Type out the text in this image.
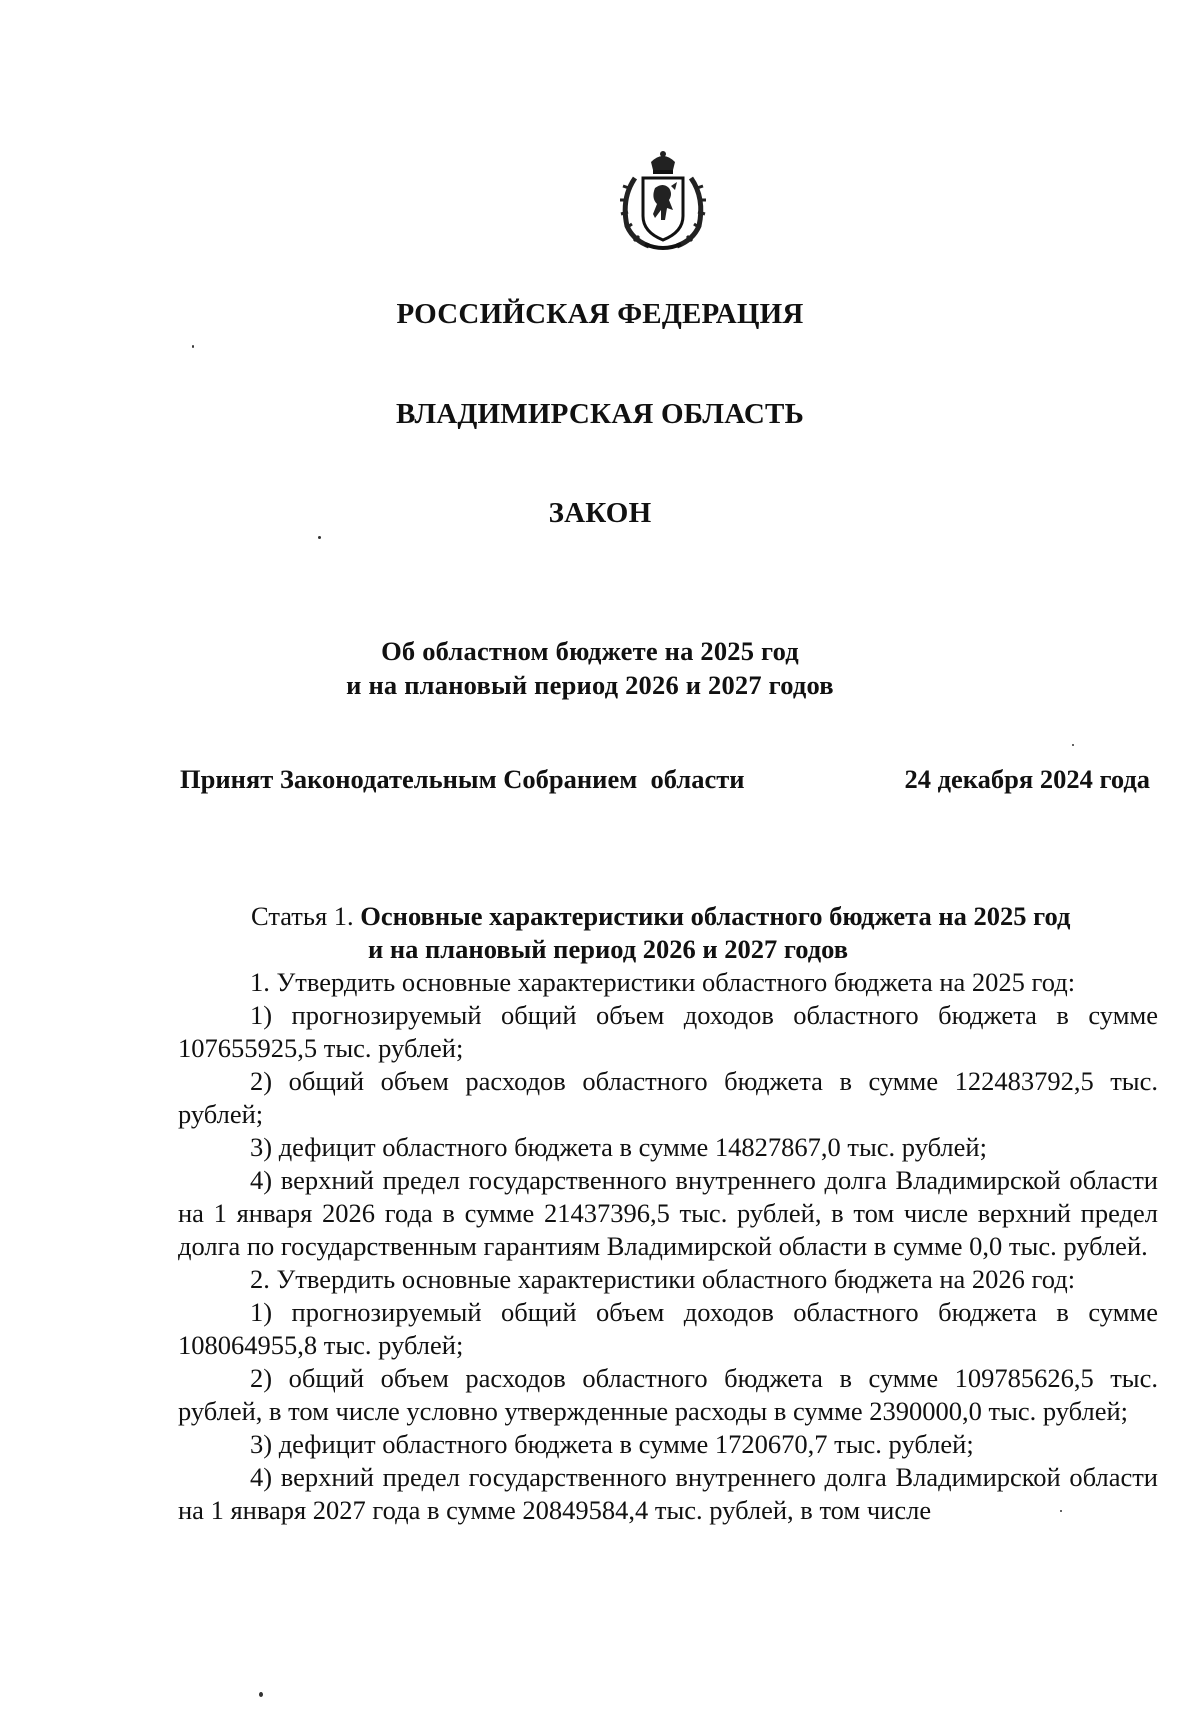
РОССИЙСКАЯ ФЕДЕРАЦИЯ
ВЛАДИМИРСКАЯ ОБЛАСТЬ
ЗАКОН
Об областном бюджете на 2025 год
и на плановый период 2026 и 2027 годов
Принят Законодательным Собранием  области	24 декабря 2024 года
Статья 1. Основные характеристики областного бюджета на 2025 год
и на плановый период 2026 и 2027 годов

1. Утвердить основные характеристики областного бюджета на 2025 год:

1) прогнозируемый общий объем доходов областного бюджета в сумме 107655925,5 тыс. рублей;

2) общий объем расходов областного бюджета в сумме 122483792,5 тыс. рублей;

3) дефицит областного бюджета в сумме 14827867,0 тыс. рублей;

4) верхний предел государственного внутреннего долга Владимирской области на 1 января 2026 года в сумме 21437396,5 тыс. рублей, в том числе верхний предел долга по государственным гарантиям Владимирской области в сумме 0,0 тыс. рублей.

2. Утвердить основные характеристики областного бюджета на 2026 год:

1) прогнозируемый общий объем доходов областного бюджета в сумме 108064955,8 тыс. рублей;

2) общий объем расходов областного бюджета в сумме 109785626,5 тыс. рублей, в том числе условно утвержденные расходы в сумме 2390000,0 тыс. рублей;

3) дефицит областного бюджета в сумме 1720670,7 тыс. рублей;

4) верхний предел государственного внутреннего долга Владимирской области на 1 января 2027 года в сумме 20849584,4 тыс. рублей, в том числе
